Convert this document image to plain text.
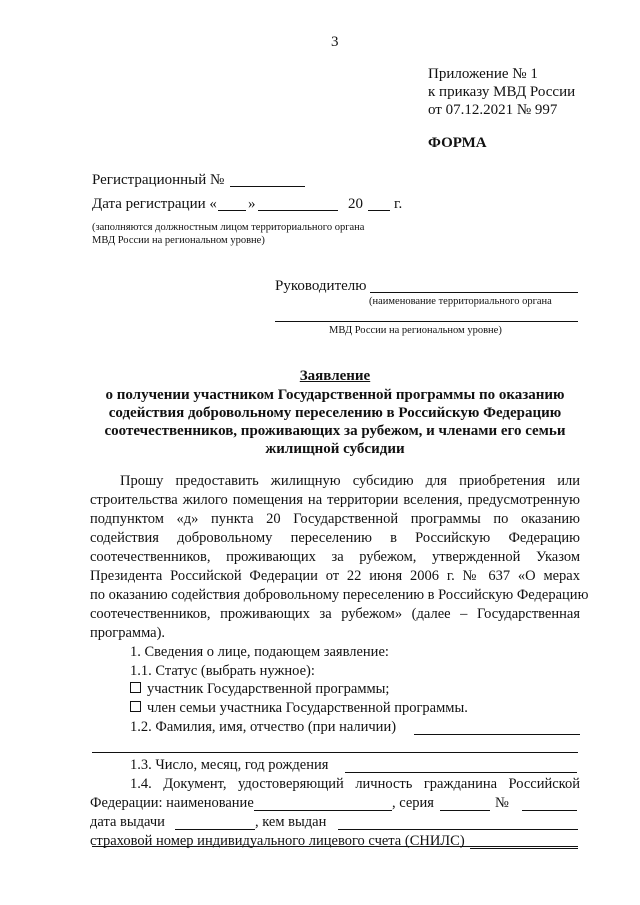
3
Приложение № 1
к приказу МВД России
от 07.12.2021 № 997
ФОРМА
Регистрационный №
Дата регистрации « »	20 г.
(заполняются должностным лицом территориального органа
МВД России на региональном уровне)
Руководителю
(наименование территориального органа
МВД России на региональном уровне)
Заявление
о получении участником Государственной программы по оказанию
содействия добровольному переселению в Российскую Федерацию
соотечественников, проживающих за рубежом, и членами его семьи
жилищной субсидии
Прошу предоставить жилищную субсидию для приобретения или
строительства жилого помещения на территории вселения, предусмотренную
подпунктом «д» пункта 20 Государственной программы по оказанию
содействия добровольному переселению в Российскую Федерацию
соотечественников, проживающих за рубежом, утвержденной Указом
Президента Российской Федерации от 22 июня 2006 г. № 637 «О мерах
по оказанию содействия добровольному переселению в Российскую Федерацию
соотечественников, проживающих за рубежом» (далее – Государственная
программа).
1. Сведения о лице, подающем заявление:
1.1. Статус (выбрать нужное):
участник Государственной программы;
член семьи участника Государственной программы.
1.2. Фамилия, имя, отчество (при наличии)
1.3. Число, месяц, год рождения
1.4. Документ, удостоверяющий личность гражданина Российской
Федерации: наименование	, серия	№
дата выдачи	, кем выдан
страховой номер индивидуального лицевого счета (СНИЛС)
